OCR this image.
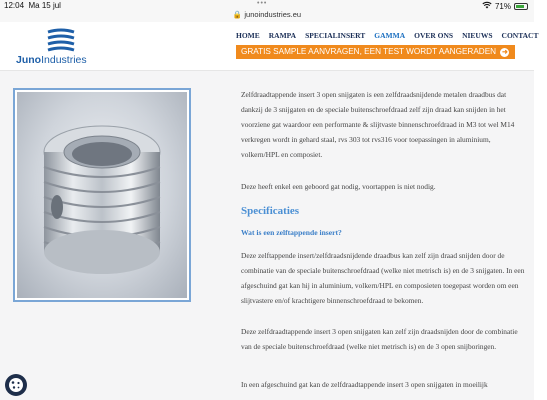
12:04 Ma 15 jul	•••
🔒 junoindustries.eu
71%
JunoIndustries
HOME RAMPA SPECIALINSERT GAMMA OVER ONS NIEUWS CONTACT
GRATIS SAMPLE AANVRAGEN, EEN TEST WORDT AANGERADEN ➜

Zelfdraadtappende insert 3 open snijgaten is een zelfdraadsnijdende metalen draadbus dat dankzij de 3 snijgaten en de speciale buitenschroefdraad zelf zijn draad kan snijden in het voorziene gat waardoor een performante & slijtvaste binnenschroefdraad in M3 tot wel M14 verkregen wordt in gehard staal, rvs 303 tot rvs316 voor toepassingen in aluminium, volkern/HPL en composiet.

Deze heeft enkel een geboord gat nodig, voortappen is niet nodig.

Specificaties
Wat is een zelftappende insert?

Deze zelftappende insert/zelfdraadsnijdende draadbus kan zelf zijn draad snijden door de combinatie van de speciale buitenschroefdraad (welke niet metrisch is) en de 3 snijgaten. In een afgeschuind gat kan hij in aluminium, volkern/HPL en composieten toegepast worden om een slijtvastere en/of krachtigere binnenschroefdraad te bekomen.

Deze zelfdraadtappende insert 3 open snijgaten kan zelf zijn draadsnijden door de combinatie van de speciale buitenschroefdraad (welke niet metrisch is) en de 3 open snijboringen.

In een afgeschuind gat kan de zelfdraadtappende insert 3 open snijgaten in moeilijk
